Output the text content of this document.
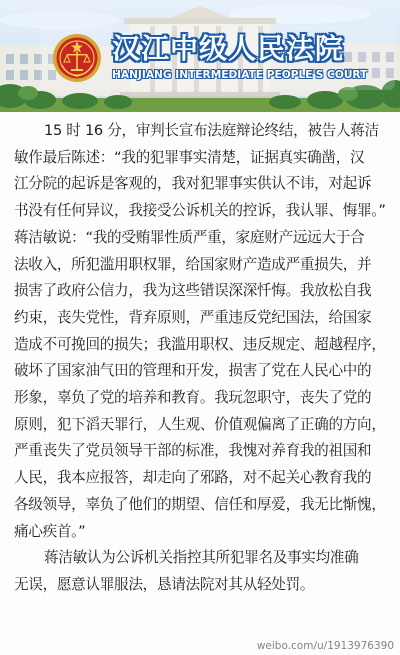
汉江中级人民法院
HANJIANG INTERMEDIATE PEOPLE'S COURT

15 时 16 分，审判长宣布法庭辩论终结，被告人蒋洁
敏作最后陈述：“我的犯罪事实清楚，证据真实确凿，汉
江分院的起诉是客观的，我对犯罪事实供认不讳，对起诉
书没有任何异议，我接受公诉机关的控诉，我认罪、悔罪。”

蒋洁敏说：“我的受贿罪性质严重，家庭财产远远大于合
法收入，所犯滥用职权罪，给国家财产造成严重损失，并
损害了政府公信力，我为这些错误深深忏悔。我放松自我
约束，丧失党性，背弃原则，严重违反党纪国法，给国家
造成不可挽回的损失；我滥用职权、违反规定、超越程序，
破坏了国家油气田的管理和开发，损害了党在人民心中的
形象，辜负了党的培养和教育。我玩忽职守，丧失了党的
原则，犯下滔天罪行，人生观、价值观偏离了正确的方向，
严重丧失了党员领导干部的标准，我愧对养育我的祖国和
人民，我本应报答，却走向了邪路，对不起关心教育我的
各级领导，辜负了他们的期望、信任和厚爱，我无比惭愧，
痛心疾首。”

蒋洁敏认为公诉机关指控其所犯罪名及事实均准确
无误，愿意认罪服法，恳请法院对其从轻处罚。

weibo.com/u/1913976390
